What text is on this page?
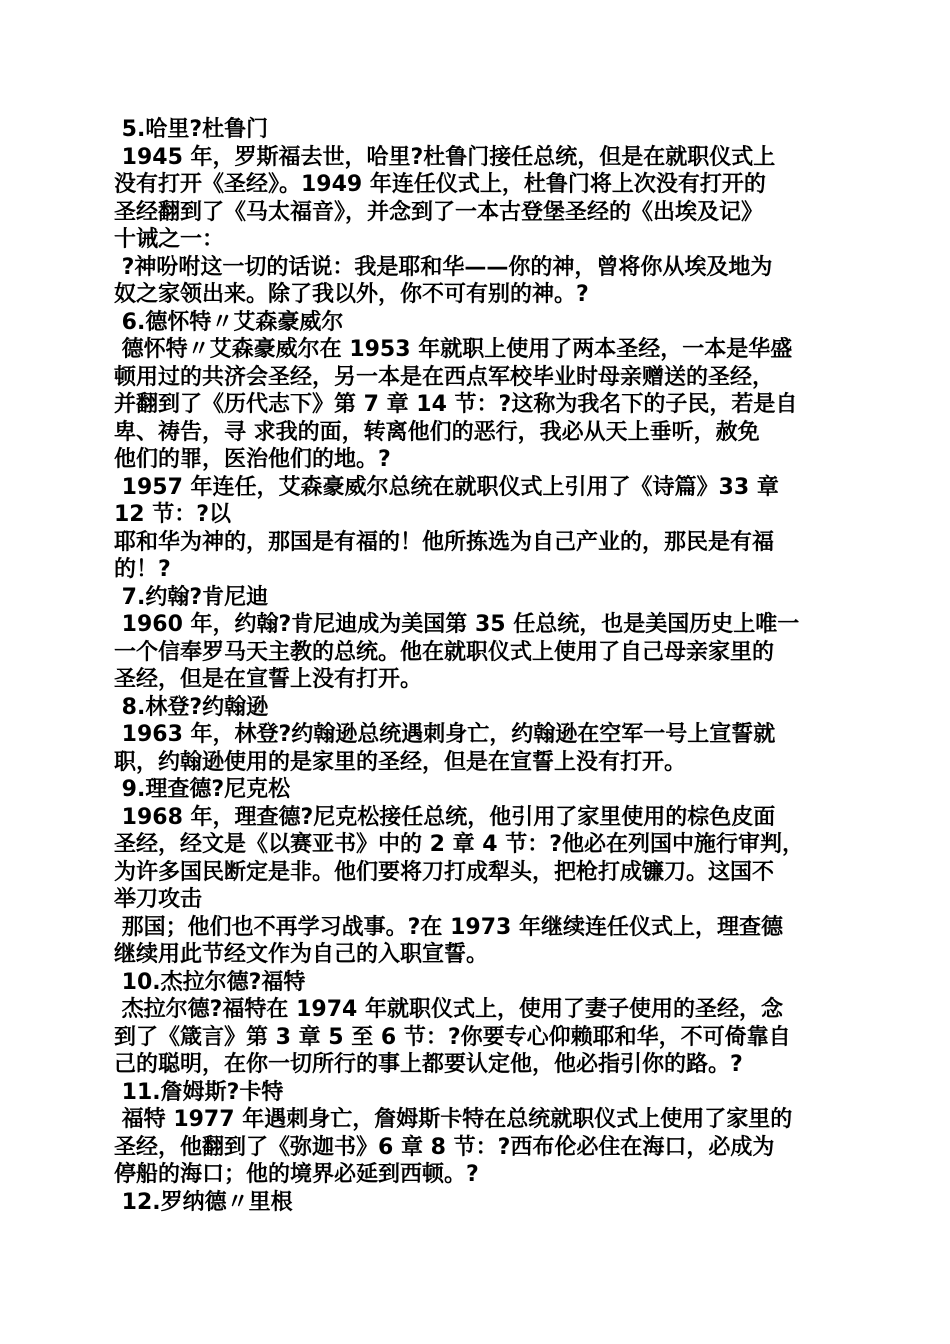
5.哈里?杜鲁门
1945 年，罗斯福去世，哈里?杜鲁门接任总统，但是在就职仪式上
没有打开《圣经》。1949 年连任仪式上，杜鲁门将上次没有打开的
圣经翻到了《马太福音》，并念到了一本古登堡圣经的《出埃及记》
十诫之一：
?神吩咐这一切的话说：我是耶和华——你的神，曾将你从埃及地为
奴之家领出来。除了我以外，你不可有别的神。?
6.德怀特〃艾森豪威尔
德怀特〃艾森豪威尔在 1953 年就职上使用了两本圣经，一本是华盛
顿用过的共济会圣经，另一本是在西点军校毕业时母亲赠送的圣经，
并翻到了《历代志下》第 7 章 14 节：?这称为我名下的子民，若是自
卑、祷告，寻 求我的面，转离他们的恶行，我必从天上垂听，赦免
他们的罪，医治他们的地。?
1957 年连任，艾森豪威尔总统在就职仪式上引用了《诗篇》33 章
12 节：?以
耶和华为神的，那国是有福的！他所拣选为自己产业的，那民是有福
的！?
7.约翰?肯尼迪
1960 年，约翰?肯尼迪成为美国第 35 任总统，也是美国历史上唯一
一个信奉罗马天主教的总统。他在就职仪式上使用了自己母亲家里的
圣经，但是在宣誓上没有打开。
8.林登?约翰逊
1963 年，林登?约翰逊总统遇刺身亡，约翰逊在空军一号上宣誓就
职，约翰逊使用的是家里的圣经，但是在宣誓上没有打开。
9.理查德?尼克松
1968 年，理查德?尼克松接任总统，他引用了家里使用的棕色皮面
圣经，经文是《以赛亚书》中的 2 章 4 节：?他必在列国中施行审判，
为许多国民断定是非。他们要将刀打成犁头，把枪打成镰刀。这国不
举刀攻击
那国；他们也不再学习战事。?在 1973 年继续连任仪式上，理查德
继续用此节经文作为自己的入职宣誓。
10.杰拉尔德?福特
杰拉尔德?福特在 1974 年就职仪式上，使用了妻子使用的圣经，念
到了《箴言》第 3 章 5 至 6 节：?你要专心仰赖耶和华，不可倚靠自
己的聪明，在你一切所行的事上都要认定他，他必指引你的路。?
11.詹姆斯?卡特
福特 1977 年遇刺身亡，詹姆斯卡特在总统就职仪式上使用了家里的
圣经，他翻到了《弥迦书》6 章 8 节：?西布伦必住在海口，必成为
停船的海口；他的境界必延到西顿。?
12.罗纳德〃里根
